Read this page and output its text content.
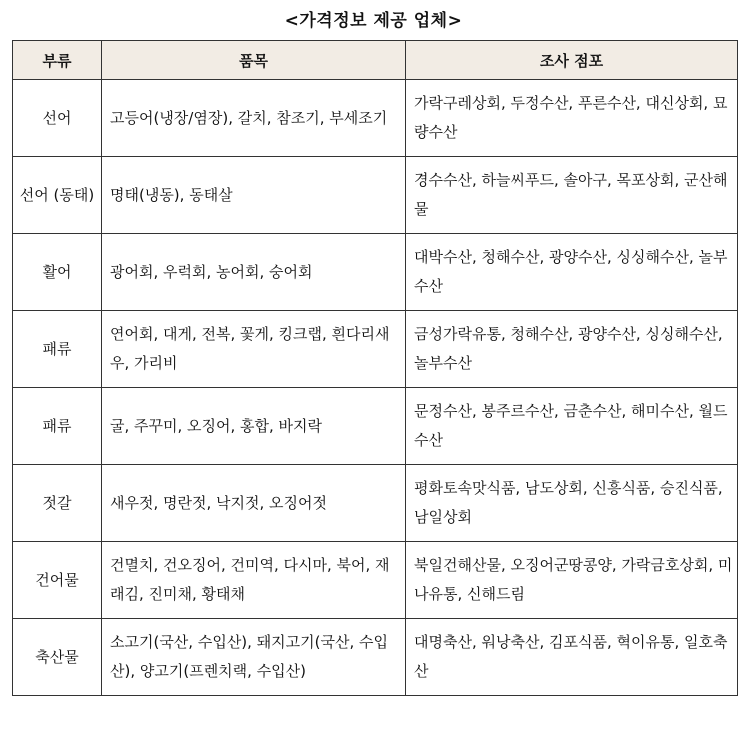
<가격정보 제공 업체>
부류	품목	조사 점포
선어	고등어(냉장/염장), 갈치, 참조기, 부세조기	가락구레상회, 두정수산, 푸른수산, 대신상회, 묘량수산
선어 (동태)	명태(냉동), 동태살	경수수산, 하늘씨푸드, 솔아구, 목포상회, 군산해물
활어	광어회, 우럭회, 농어회, 숭어회	대박수산, 청해수산, 광양수산, 싱싱해수산, 놀부수산
패류	연어회, 대게, 전복, 꽃게, 킹크랩, 흰다리새우, 가리비	금성가락유통, 청해수산, 광양수산, 싱싱해수산, 놀부수산
패류	굴, 주꾸미, 오징어, 홍합, 바지락	문정수산, 봉주르수산, 금춘수산, 해미수산, 월드수산
젓갈	새우젓, 명란젓, 낙지젓, 오징어젓	평화토속맛식품, 남도상회, 신흥식품, 승진식품, 남일상회
건어물	건멸치, 건오징어, 건미역, 다시마, 북어, 재래김, 진미채, 황태채	북일건해산물, 오징어군땅콩양, 가락금호상회, 미나유통, 신해드림
축산물	소고기(국산, 수입산), 돼지고기(국산, 수입산), 양고기(프렌치랙, 수입산)	대명축산, 워낭축산, 김포식품, 혁이유통, 일호축산
